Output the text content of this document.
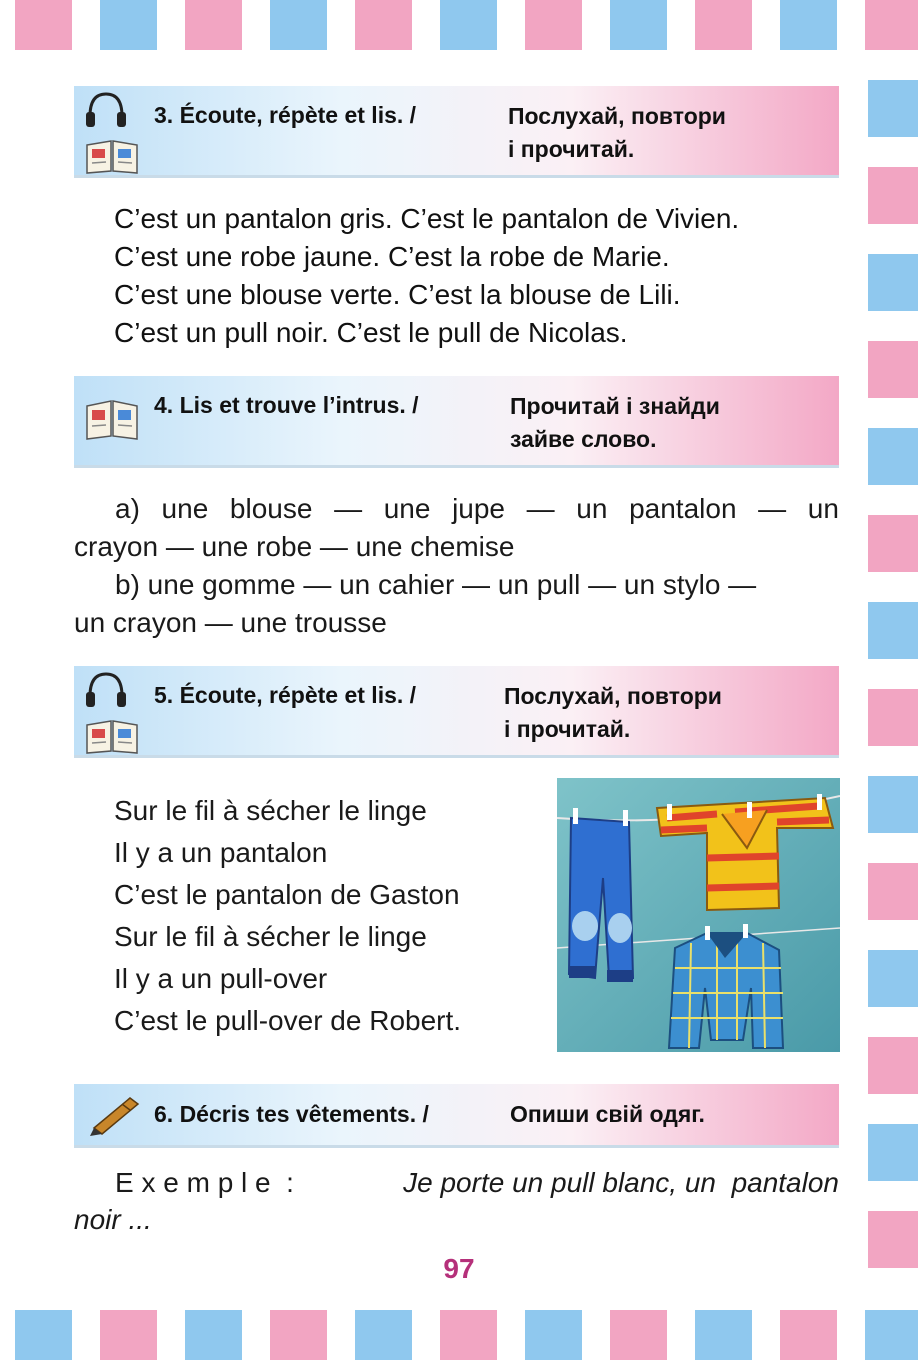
3. Écoute, répète et lis. /	Послухай, повтори
і прочитай.
C’est un pantalon gris. C’est le pantalon de Vivien.
C’est une robe jaune. C’est la robe de Marie.
C’est une blouse verte. C’est la blouse de Lili.
C’est un pull noir. C’est le pull de Nicolas.
4. Lis et trouve l’intrus. /	Прочитай і знайди
зайве слово.
a) une blouse — une jupe — un pantalon — un
crayon — une robe — une chemise
b) une gomme — un cahier — un pull — un stylo —
un crayon — une trousse

5. Écoute, répète et lis. /	Послухай, повтори
і прочитай.
Sur le fil à sécher le linge
Il y a un pantalon
C’est le pantalon de Gaston
Sur le fil à sécher le linge
Il y a un pull-over
C’est le pull-over de Robert.
6. Décris tes vêtements. /	Опиши свій одяг.
E x e m p l e  :	Je porte un pull blanc, un  pantalon
noir ...
97
